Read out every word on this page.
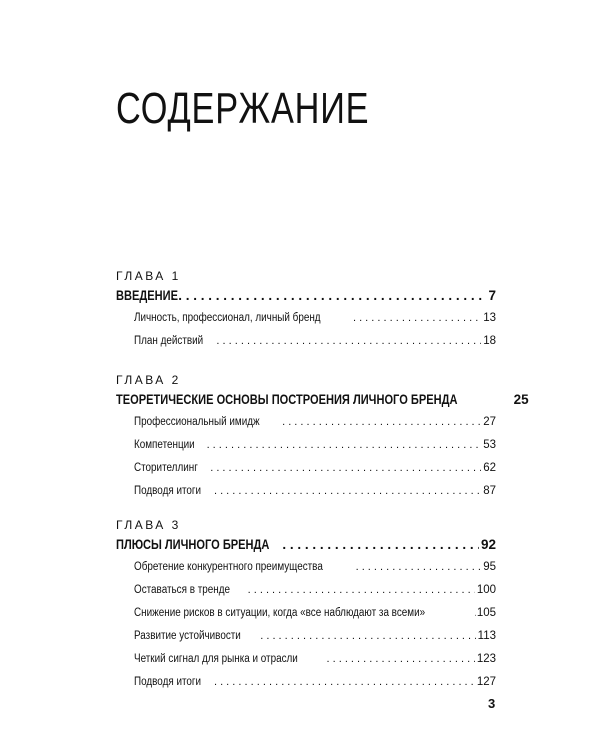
СОДЕРЖАНИЕ
ГЛАВА 1
ВВЕДЕНИЕ . . .	7
Личность, профессионал, личный бренд . . .	13
План действий . . .	18
ГЛАВА 2
ТЕОРЕТИЧЕСКИЕ ОСНОВЫ ПОСТРОЕНИЯ ЛИЧНОГО БРЕНДА	25
Профессиональный имидж . . .	27
Компетенции . . .	53
Сторителлинг . . .	62
Подводя итоги . . .	87
ГЛАВА 3
ПЛЮСЫ ЛИЧНОГО БРЕНДА . . .	92
Обретение конкурентного преимущества . . .	95
Оставаться в тренде . . .	100
Снижение рисков в ситуации, когда «все наблюдают за всеми» . . .	105
Развитие устойчивости . . .	113
Четкий сигнал для рынка и отрасли . . .	123
Подводя итоги . . .	127
3
